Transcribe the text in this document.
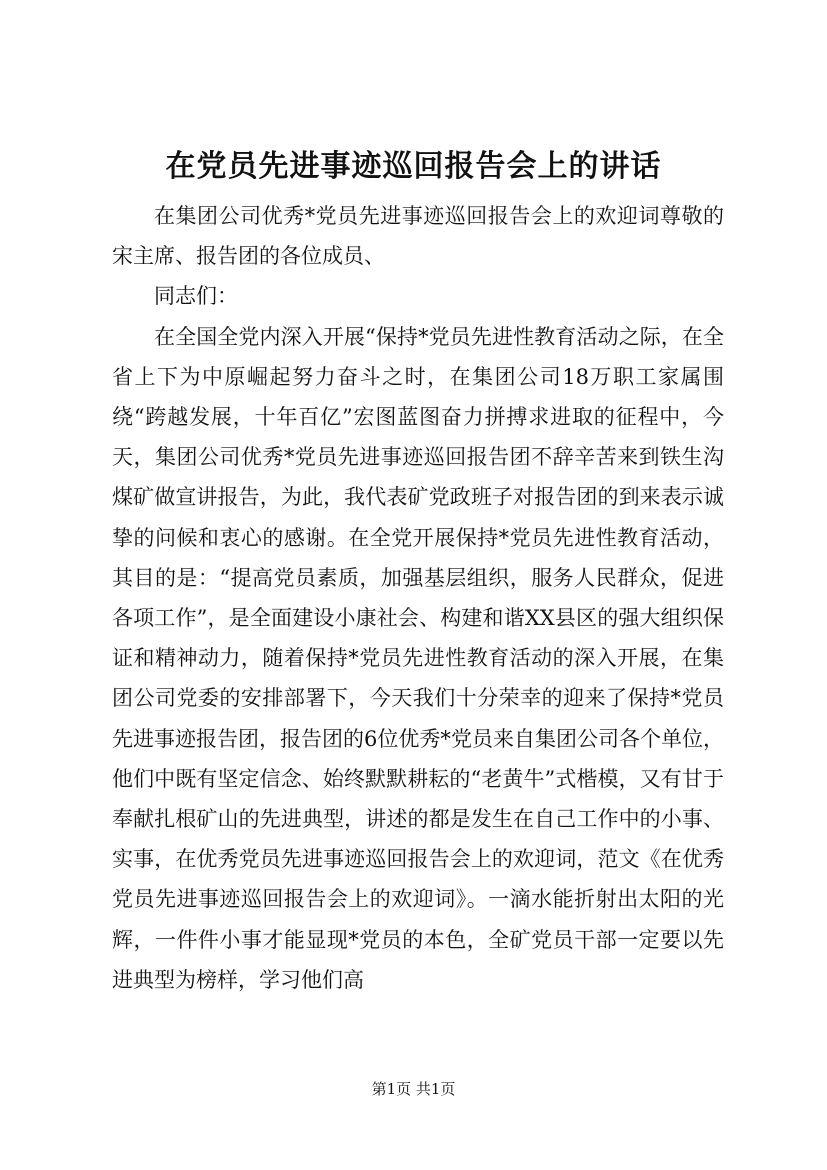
在党员先进事迹巡回报告会上的讲话

在集团公司优秀*党员先进事迹巡回报告会上的欢迎词尊敬的宋主席、报告团的各位成员、

同志们：

在全国全党内深入开展“保持*党员先进性教育活动之际，在全省上下为中原崛起努力奋斗之时，在集团公司18万职工家属围绕“跨越发展，十年百亿”宏图蓝图奋力拼搏求进取的征程中，今天，集团公司优秀*党员先进事迹巡回报告团不辞辛苦来到铁生沟煤矿做宣讲报告，为此，我代表矿党政班子对报告团的到来表示诚挚的问候和衷心的感谢。在全党开展保持*党员先进性教育活动，其目的是：“提高党员素质，加强基层组织，服务人民群众，促进各项工作”，是全面建设小康社会、构建和谐XX县区的强大组织保证和精神动力，随着保持*党员先进性教育活动的深入开展，在集团公司党委的安排部署下，今天我们十分荣幸的迎来了保持*党员先进事迹报告团，报告团的6位优秀*党员来自集团公司各个单位，他们中既有坚定信念、始终默默耕耘的“老黄牛”式楷模，又有甘于奉献扎根矿山的先进典型，讲述的都是发生在自己工作中的小事、实事，在优秀党员先进事迹巡回报告会上的欢迎词，范文《在优秀党员先进事迹巡回报告会上的欢迎词》。一滴水能折射出太阳的光辉，一件件小事才能显现*党员的本色，全矿党员干部一定要以先进典型为榜样，学习他们高

第1页 共1页
